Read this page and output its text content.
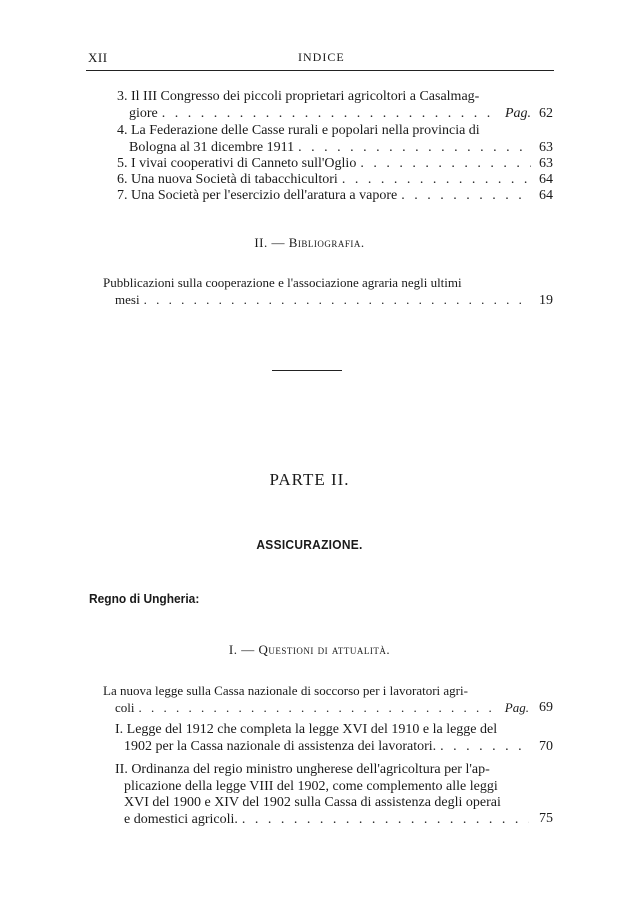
XII	INDICE
3. Il III Congresso dei piccoli proprietari agricoltori a Casalmag-
giore . . .	Pag. 62
4. La Federazione delle Casse rurali e popolari nella provincia di
Bologna al 31 dicembre 1911 . . .	63
5. I vivai cooperativi di Canneto sull'Oglio . . .	63
6. Una nuova Società di tabacchicultori . . .	64
7. Una Società per l'esercizio dell'aratura a vapore . . .	64
II. — Bibliografia.
Pubblicazioni sulla cooperazione e l'associazione agraria negli ultimi
mesi . . .	19
PARTE II.
ASSICURAZIONE.
Regno di Ungheria:
I. — Questioni di attualità.
La nuova legge sulla Cassa nazionale di soccorso per i lavoratori agri-
coli . . .	Pag. 69
I. Legge del 1912 che completa la legge XVI del 1910 e la legge del
1902 per la Cassa nazionale di assistenza dei lavoratori. . . .	70
II. Ordinanza del regio ministro ungherese dell'agricoltura per l'ap-
plicazione della legge VIII del 1902, come complemento alle leggi
XVI del 1900 e XIV del 1902 sulla Cassa di assistenza degli operai
e domestici agricoli. . . .	75
